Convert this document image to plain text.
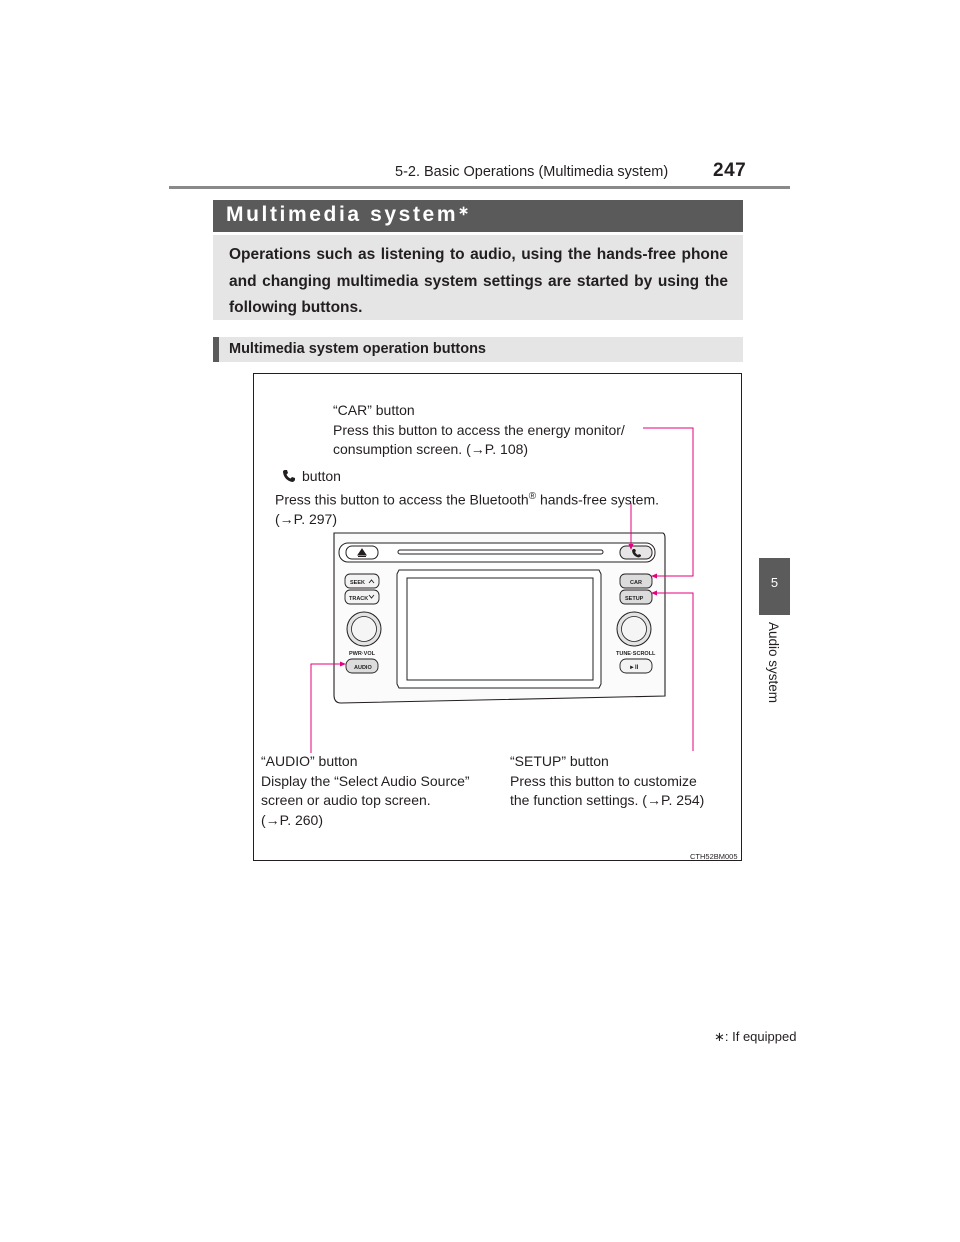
5-2. Basic Operations (Multimedia system) 247
5
Audio system
Multimedia system∗
Operations such as listening to audio, using the hands-free phone and changing multimedia system settings are started by using the following buttons.
Multimedia system operation buttons
“CAR” button
Press this button to access the energy monitor/
consumption screen. (→P. 108)
button
Press this button to access the Bluetooth® hands-free system.
(→P. 297)
“AUDIO” button
Display the “Select Audio Source”
screen or audio top screen.
(→P. 260)
“SETUP” button
Press this button to customize
the function settings. (→P. 254)
SEEK
TRACK
PWR·VOL
AUDIO
CAR
SETUP
TUNE·SCROLL
►II
CTH52BM005
∗: If equipped
